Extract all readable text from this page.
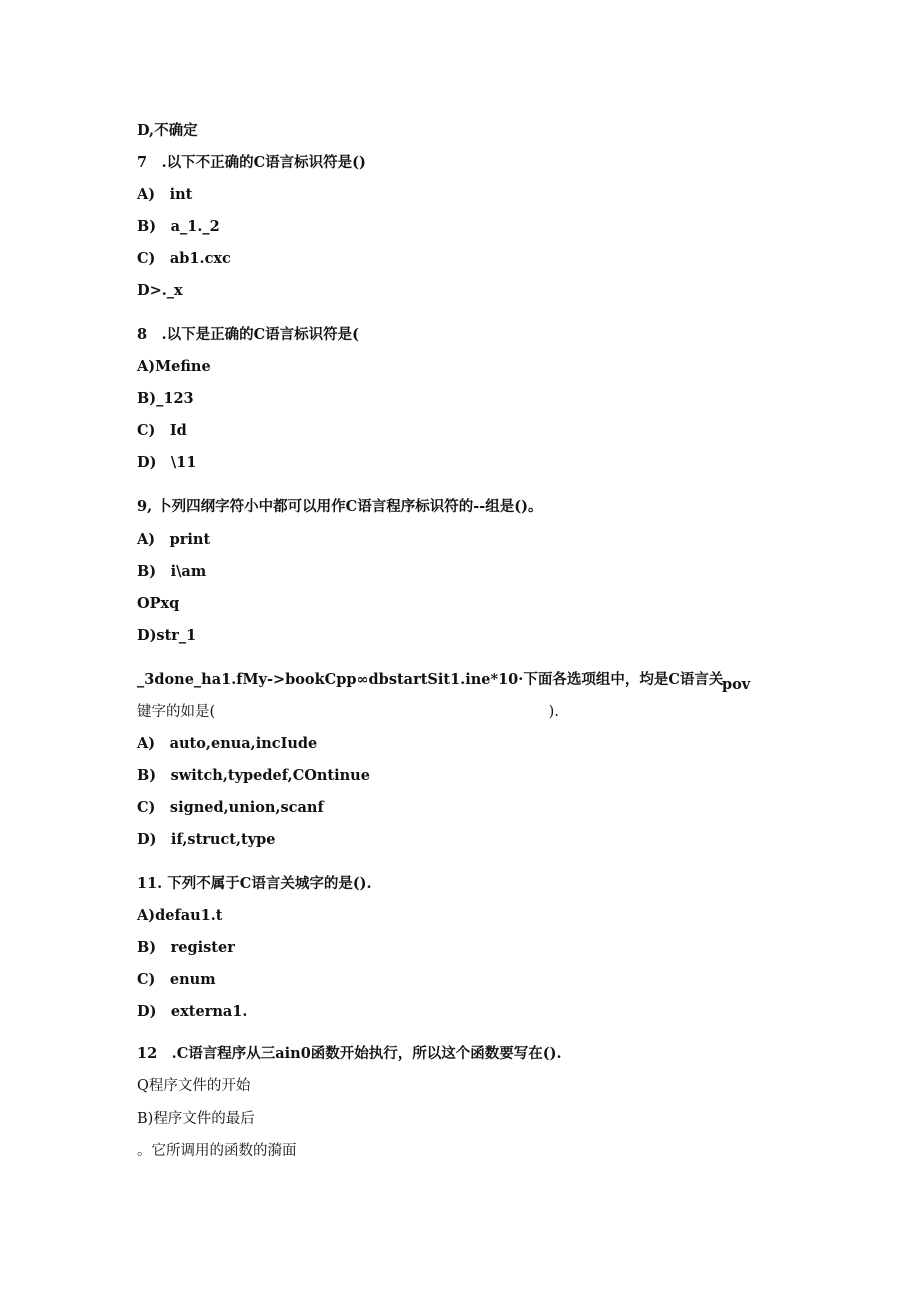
D,不确定
7　.以下不正确的C语言标识符是()
A)　int
B)　a_1._2
C)　ab1.cxc
D>._x
8　.以下是正确的C语言标识符是(
A)Mefine
B)_123
C)　Id
D)　\11
9, 卜列四纲字符小中都可以用作C语言程序标识符的--组是()。
A)　print
B)　i\am
OPxq
D)str_1
_3done_ha1.fMy->bookCpp∞dbstartSit1.ine*10·下面各选项组中，均是C语言关
pov
键字的如是(　　　　　　　　　　　　　　　　　　　　　　　).
A)　auto,enua,incIude
B)　switch,typedef,COntinue
C)　signed,union,scanf
D)　if,struct,type
11. 下列不属于C语言关城字的是().
A)defau1.t
B)　register
C)　enum
D)　externa1.
12　.C语言程序从三ain0函数开始执行，所以这个函数要写在().
Q程序文件的开始
B)程序文件的最后
。它所调用的函数的漪面
